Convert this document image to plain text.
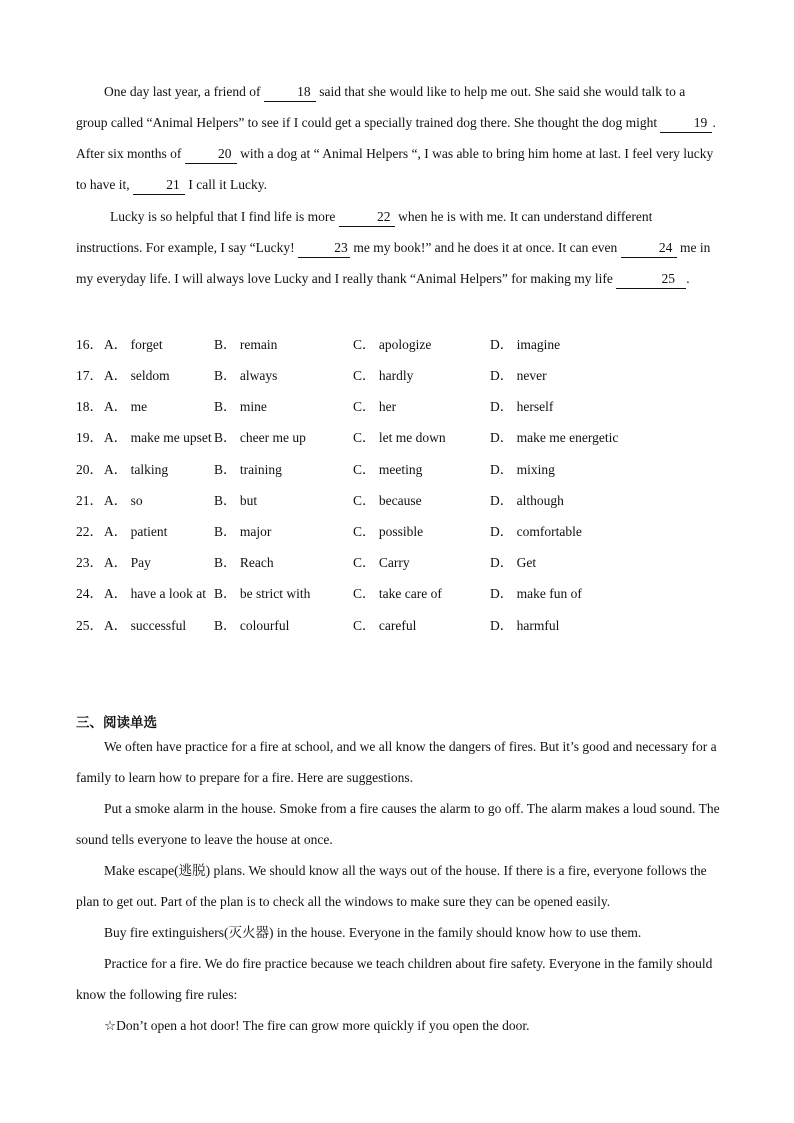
One day last year, a friend of 18 said that she would like to help me out. She said she would talk to a group called “Animal Helpers” to see if I could get a specially trained dog there. She thought the dog might 19 . After six months of 20 with a dog at “ Animal Helpers “, I was able to bring him home at last. I feel very lucky to have it, 21 I call it Lucky.

Lucky is so helpful that I find life is more	22 when he is with me. It can understand different instructions. For example, I say “Lucky!	23 me my book!” and he does it at once. It can even	24 me in my everyday life. I will always love Lucky and I really thank “Animal Helpers” for making my life	25 .

16． A． forget	B． remain	C． apologize	D． imagine
17． A． seldom	B． always	C． hardly	D． never
18． A． me	B． mine	C． her	D． herself
19． A． make me upset B． cheer me up	C． let me down	D． make me energetic
20． A． talking	B． training	C． meeting	D． mixing
21． A． so	B． but	C． because	D． although
22． A． patient	B． major	C． possible	D． comfortable
23． A． Pay	B． Reach	C． Carry	D． Get
24． A． have a look at B． be strict with	C． take care of	D． make fun of
25． A． successful B． colourful	C． careful	D． harmful
三、阅读单选

We often have practice for a fire at school, and we all know the dangers of fires. But it’s good and necessary for a family to learn how to prepare for a fire. Here are suggestions.

Put a smoke alarm in the house. Smoke from a fire causes the alarm to go off. The alarm makes a loud sound. The sound tells everyone to leave the house at once.

Make escape(逃脱) plans. We should know all the ways out of the house. If there is a fire, everyone follows the plan to get out. Part of the plan is to check all the windows to make sure they can be opened easily.

Buy fire extinguishers(灭火器) in the house. Everyone in the family should know how to use them.

Practice for a fire. We do fire practice because we teach children about fire safety. Everyone in the family should know the following fire rules:

☆Don’t open a hot door! The fire can grow more quickly if you open the door.
